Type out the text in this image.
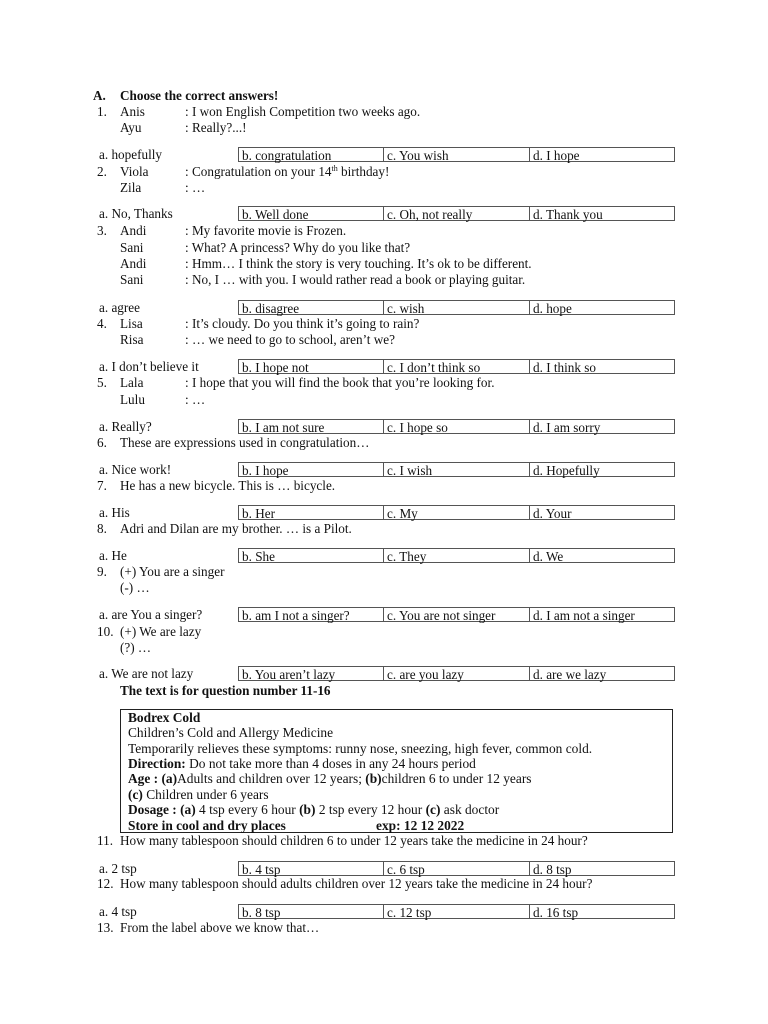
A. Choose the correct answers!
1. Anis	: I won English Competition two weeks ago.
Ayu	: Really?...!
a. hopefully	b. congratulation	c. You wish	d. I hope
2. Viola	: Congratulation on your 14th birthday!
Zila	: …
a. No, Thanks	b. Well done	c. Oh, not really	d. Thank you
3. Andi	: My favorite movie is Frozen.
Sani	: What? A princess? Why do you like that?
Andi	: Hmm… I think the story is very touching. It’s ok to be different.
Sani	: No, I … with you. I would rather read a book or playing guitar.
a. agree	b. disagree	c. wish	d. hope
4. Lisa	: It’s cloudy. Do you think it’s going to rain?
Risa	: … we need to go to school, aren’t we?
a. I don’t believe it	b. I hope not	c. I don’t think so	d. I think so
5. Lala	: I hope that you will find the book that you’re looking for.
Lulu	: …
a. Really?	b. I am not sure	c. I hope so	d. I am sorry
6. These are expressions used in congratulation…
a. Nice work!	b. I hope	c. I wish	d. Hopefully
7. He has a new bicycle. This is … bicycle.
a. His	b. Her	c. My	d. Your
8. Adri and Dilan are my brother. … is a Pilot.
a. He	b. She	c. They	d. We
9. (+) You are a singer
(-) …
a. are You a singer?	b. am I not a singer?	c. You are not singer	d. I am not a singer
10. (+) We are lazy
(?) …
a. We are not lazy	b. You aren’t lazy	c. are you lazy	d. are we lazy
The text is for question number 11-16
Bodrex Cold
Children’s Cold and Allergy Medicine
Temporarily relieves these symptoms: runny nose, sneezing, high fever, common cold.
Direction: Do not take more than 4 doses in any 24 hours period
Age : (a)Adults and children over 12 years; (b)children 6 to under 12 years
(c) Children under 6 years
Dosage : (a) 4 tsp every 6 hour (b) 2 tsp every 12 hour (c) ask doctor
Store in cool and dry places	exp: 12 12 2022
11. How many tablespoon should children 6 to under 12 years take the medicine in 24 hour?
a. 2 tsp	b. 4 tsp	c. 6 tsp	d. 8 tsp
12. How many tablespoon should adults children over 12 years take the medicine in 24 hour?
a. 4 tsp	b. 8 tsp	c. 12 tsp	d. 16 tsp
13. From the label above we know that…
